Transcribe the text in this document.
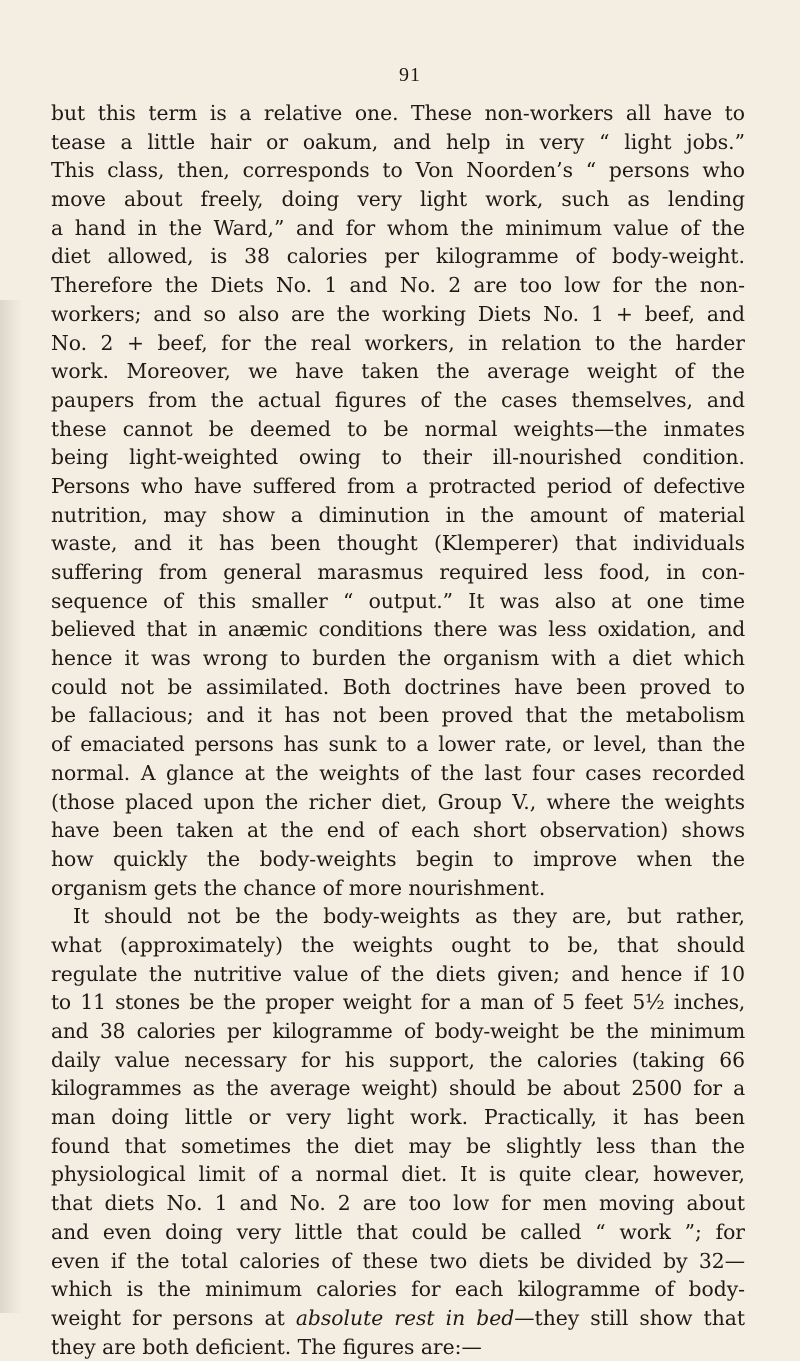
91
but this term is a relative one. These non-workers all have to
tease a little hair or oakum, and help in very “ light jobs.”
This class, then, corresponds to Von Noorden’s “ persons who
move about freely, doing very light work, such as lending
a hand in the Ward,” and for whom the minimum value of the
diet allowed, is 38 calories per kilogramme of body-weight.
Therefore the Diets No. 1 and No. 2 are too low for the non-
workers; and so also are the working Diets No. 1 + beef, and
No. 2 + beef, for the real workers, in relation to the harder
work. Moreover, we have taken the average weight of the
paupers from the actual figures of the cases themselves, and
these cannot be deemed to be normal weights—the inmates
being light-weighted owing to their ill-nourished condition.
Persons who have suffered from a protracted period of defective
nutrition, may show a diminution in the amount of material
waste, and it has been thought (Klemperer) that individuals
suffering from general marasmus required less food, in con-
sequence of this smaller “ output.” It was also at one time
believed that in anæmic conditions there was less oxidation, and
hence it was wrong to burden the organism with a diet which
could not be assimilated. Both doctrines have been proved to
be fallacious; and it has not been proved that the metabolism
of emaciated persons has sunk to a lower rate, or level, than the
normal. A glance at the weights of the last four cases recorded
(those placed upon the richer diet, Group V., where the weights
have been taken at the end of each short observation) shows
how quickly the body-weights begin to improve when the
organism gets the chance of more nourishment.
It should not be the body-weights as they are, but rather,
what (approximately) the weights ought to be, that should
regulate the nutritive value of the diets given; and hence if 10
to 11 stones be the proper weight for a man of 5 feet 5½ inches,
and 38 calories per kilogramme of body-weight be the minimum
daily value necessary for his support, the calories (taking 66
kilogrammes as the average weight) should be about 2500 for a
man doing little or very light work. Practically, it has been
found that sometimes the diet may be slightly less than the
physiological limit of a normal diet. It is quite clear, however,
that diets No. 1 and No. 2 are too low for men moving about
and even doing very little that could be called “ work ”; for
even if the total calories of these two diets be divided by 32—
which is the minimum calories for each kilogramme of body-
weight for persons at absolute rest in bed—they still show that
they are both deficient. The figures are:—
